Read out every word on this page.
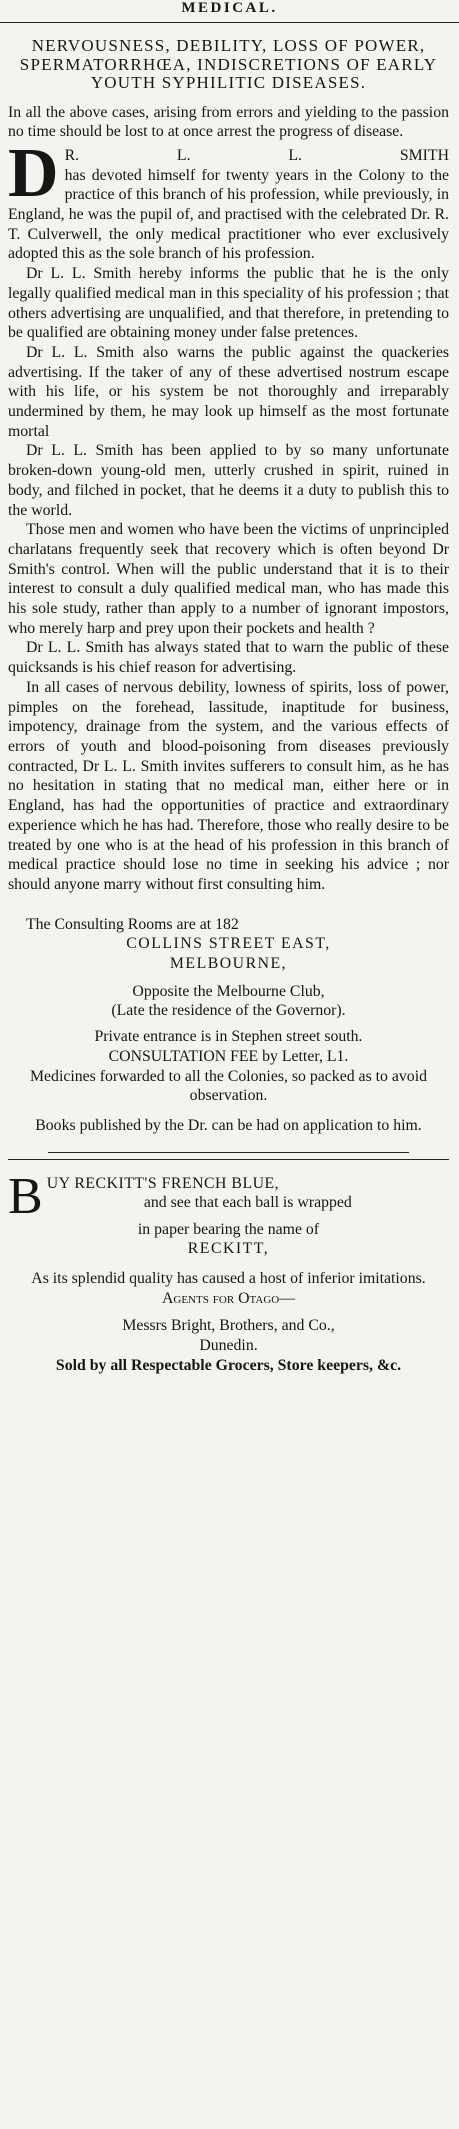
MEDICAL.
NERVOUSNESS, DEBILITY, LOSS OF POWER, SPERMATORRHŒA, INDISCRETIONS OF EARLY YOUTH SYPHILITIC DISEASES.

In all the above cases, arising from errors and yielding to the passion no time should be lost to at once arrest the progress of disease.

D R. L. L. SMITH

has devoted himself for twenty years in the Colony to the practice of this branch of his profession, while previously, in England, he was the pupil of, and practised with the celebrated Dr. R. T. Culverwell, the only medical practitioner who ever exclusively adopted this as the sole branch of his profession.

Dr L. L. Smith hereby informs the public that he is the only legally qualified medical man in this speciality of his profession ; that others advertising are unqualified, and that therefore, in pretending to be qualified are obtaining money under false pretences.

Dr L. L. Smith also warns the public against the quackeries advertising. If the taker of any of these advertised nostrum escape with his life, or his system be not thoroughly and irreparably undermined by them, he may look up himself as the most fortunate mortal

Dr L. L. Smith has been applied to by so many unfortunate broken-down young-old men, utterly crushed in spirit, ruined in body, and filched in pocket, that he deems it a duty to publish this to the world.

Those men and women who have been the victims of unprincipled charlatans frequently seek that recovery which is often beyond Dr Smith's control. When will the public understand that it is to their interest to consult a duly qualified medical man, who has made this his sole study, rather than apply to a number of ignorant impostors, who merely harp and prey upon their pockets and health ?

Dr L. L. Smith has always stated that to warn the public of these quicksands is his chief reason for advertising.

In all cases of nervous debility, lowness of spirits, loss of power, pimples on the forehead, lassitude, inaptitude for business, impotency, drainage from the system, and the various effects of errors of youth and blood-poisoning from diseases previously contracted, Dr L. L. Smith invites sufferers to consult him, as he has no hesitation in stating that no medical man, either here or in England, has had the opportunities of practice and extraordinary experience which he has had. Therefore, those who really desire to be treated by one who is at the head of his profession in this branch of medical practice should lose no time in seeking his advice ; nor should anyone marry without first consulting him.

The Consulting Rooms are at 182

COLLINS STREET EAST,

MELBOURNE,

Opposite the Melbourne Club,

(Late the residence of the Governor).

Private entrance is in Stephen street south.

CONSULTATION FEE by Letter, L1.

Medicines forwarded to all the Colonies, so packed as to avoid observation.

Books published by the Dr. can be had on application to him.

B UY RECKITT'S FRENCH BLUE,
and see that each ball is wrapped

in paper bearing the name of

RECKITT,

As its splendid quality has caused a host of inferior imitations.

Agents for Otago—

Messrs Bright, Brothers, and Co.,

Dunedin.

Sold by all Respectable Grocers, Store keepers, &c.
